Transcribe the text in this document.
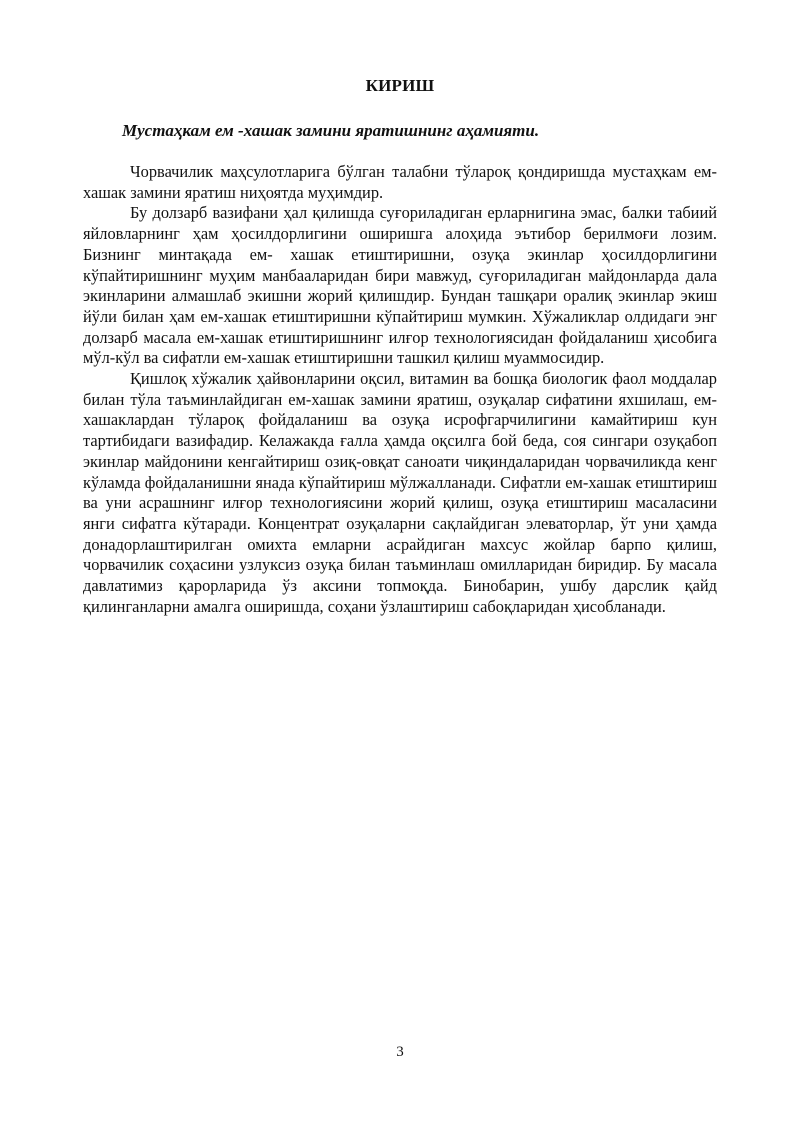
КИРИШ
Мустаҳкам ем -хашак замини яратишнинг аҳамияти.

Чорвачилик маҳсулотларига бўлган талабни тўлароқ қондиришда мустаҳкам ем-хашак замини яратиш ниҳоятда муҳимдир.

Бу долзарб вазифани ҳал қилишда суғориладиган ерларнигина эмас, балки табиий яйловларнинг ҳам ҳосилдорлигини оширишга алоҳида эътибор берилмоғи лозим. Бизнинг минтақада ем- хашак етиштиришни, озуқа экинлар ҳосилдорлигини кўпайтиришнинг муҳим манбааларидан бири мавжуд, суғориладиган майдонларда дала экинларини алмашлаб экишни жорий қилишдир. Бундан ташқари оралиқ экинлар экиш йўли билан ҳам ем-хашак етиштиришни кўпайтириш мумкин. Хўжаликлар олдидаги энг долзарб масала ем-хашак етиштиришнинг илғор технологиясидан фойдаланиш ҳисобига мўл-кўл ва сифатли ем-хашак етиштиришни ташкил қилиш муаммосидир.

Қишлоқ хўжалик ҳайвонларини оқсил, витамин ва бошқа биологик фаол моддалар билан тўла таъминлайдиган ем-хашак замини яратиш, озуқалар сифатини яхшилаш, ем-хашаклардан тўлароқ фойдаланиш ва озуқа исрофгарчилигини камайтириш кун тартибидаги вазифадир. Келажакда ғалла ҳамда оқсилга бой беда, соя сингари озуқабоп экинлар майдонини кенгайтириш озиқ-овқат саноати чиқиндаларидан чорвачиликда кенг кўламда фойдаланишни янада кўпайтириш мўлжалланади. Сифатли ем-хашак етиштириш ва уни асрашнинг илғор технологиясини жорий қилиш, озуқа етиштириш масаласини янги сифатга кўтаради. Концентрат озуқаларни сақлайдиган элеваторлар, ўт уни ҳамда донадорлаштирилган омихта емларни асрайдиган махсус жойлар барпо қилиш, чорвачилик соҳасини узлуксиз озуқа билан таъминлаш омилларидан биридир. Бу масала давлатимиз қарорларида ўз аксини топмоқда. Бинобарин, ушбу дарслик қайд қилинганларни амалга оширишда, соҳани ўзлаштириш сабоқларидан ҳисобланади.

3
